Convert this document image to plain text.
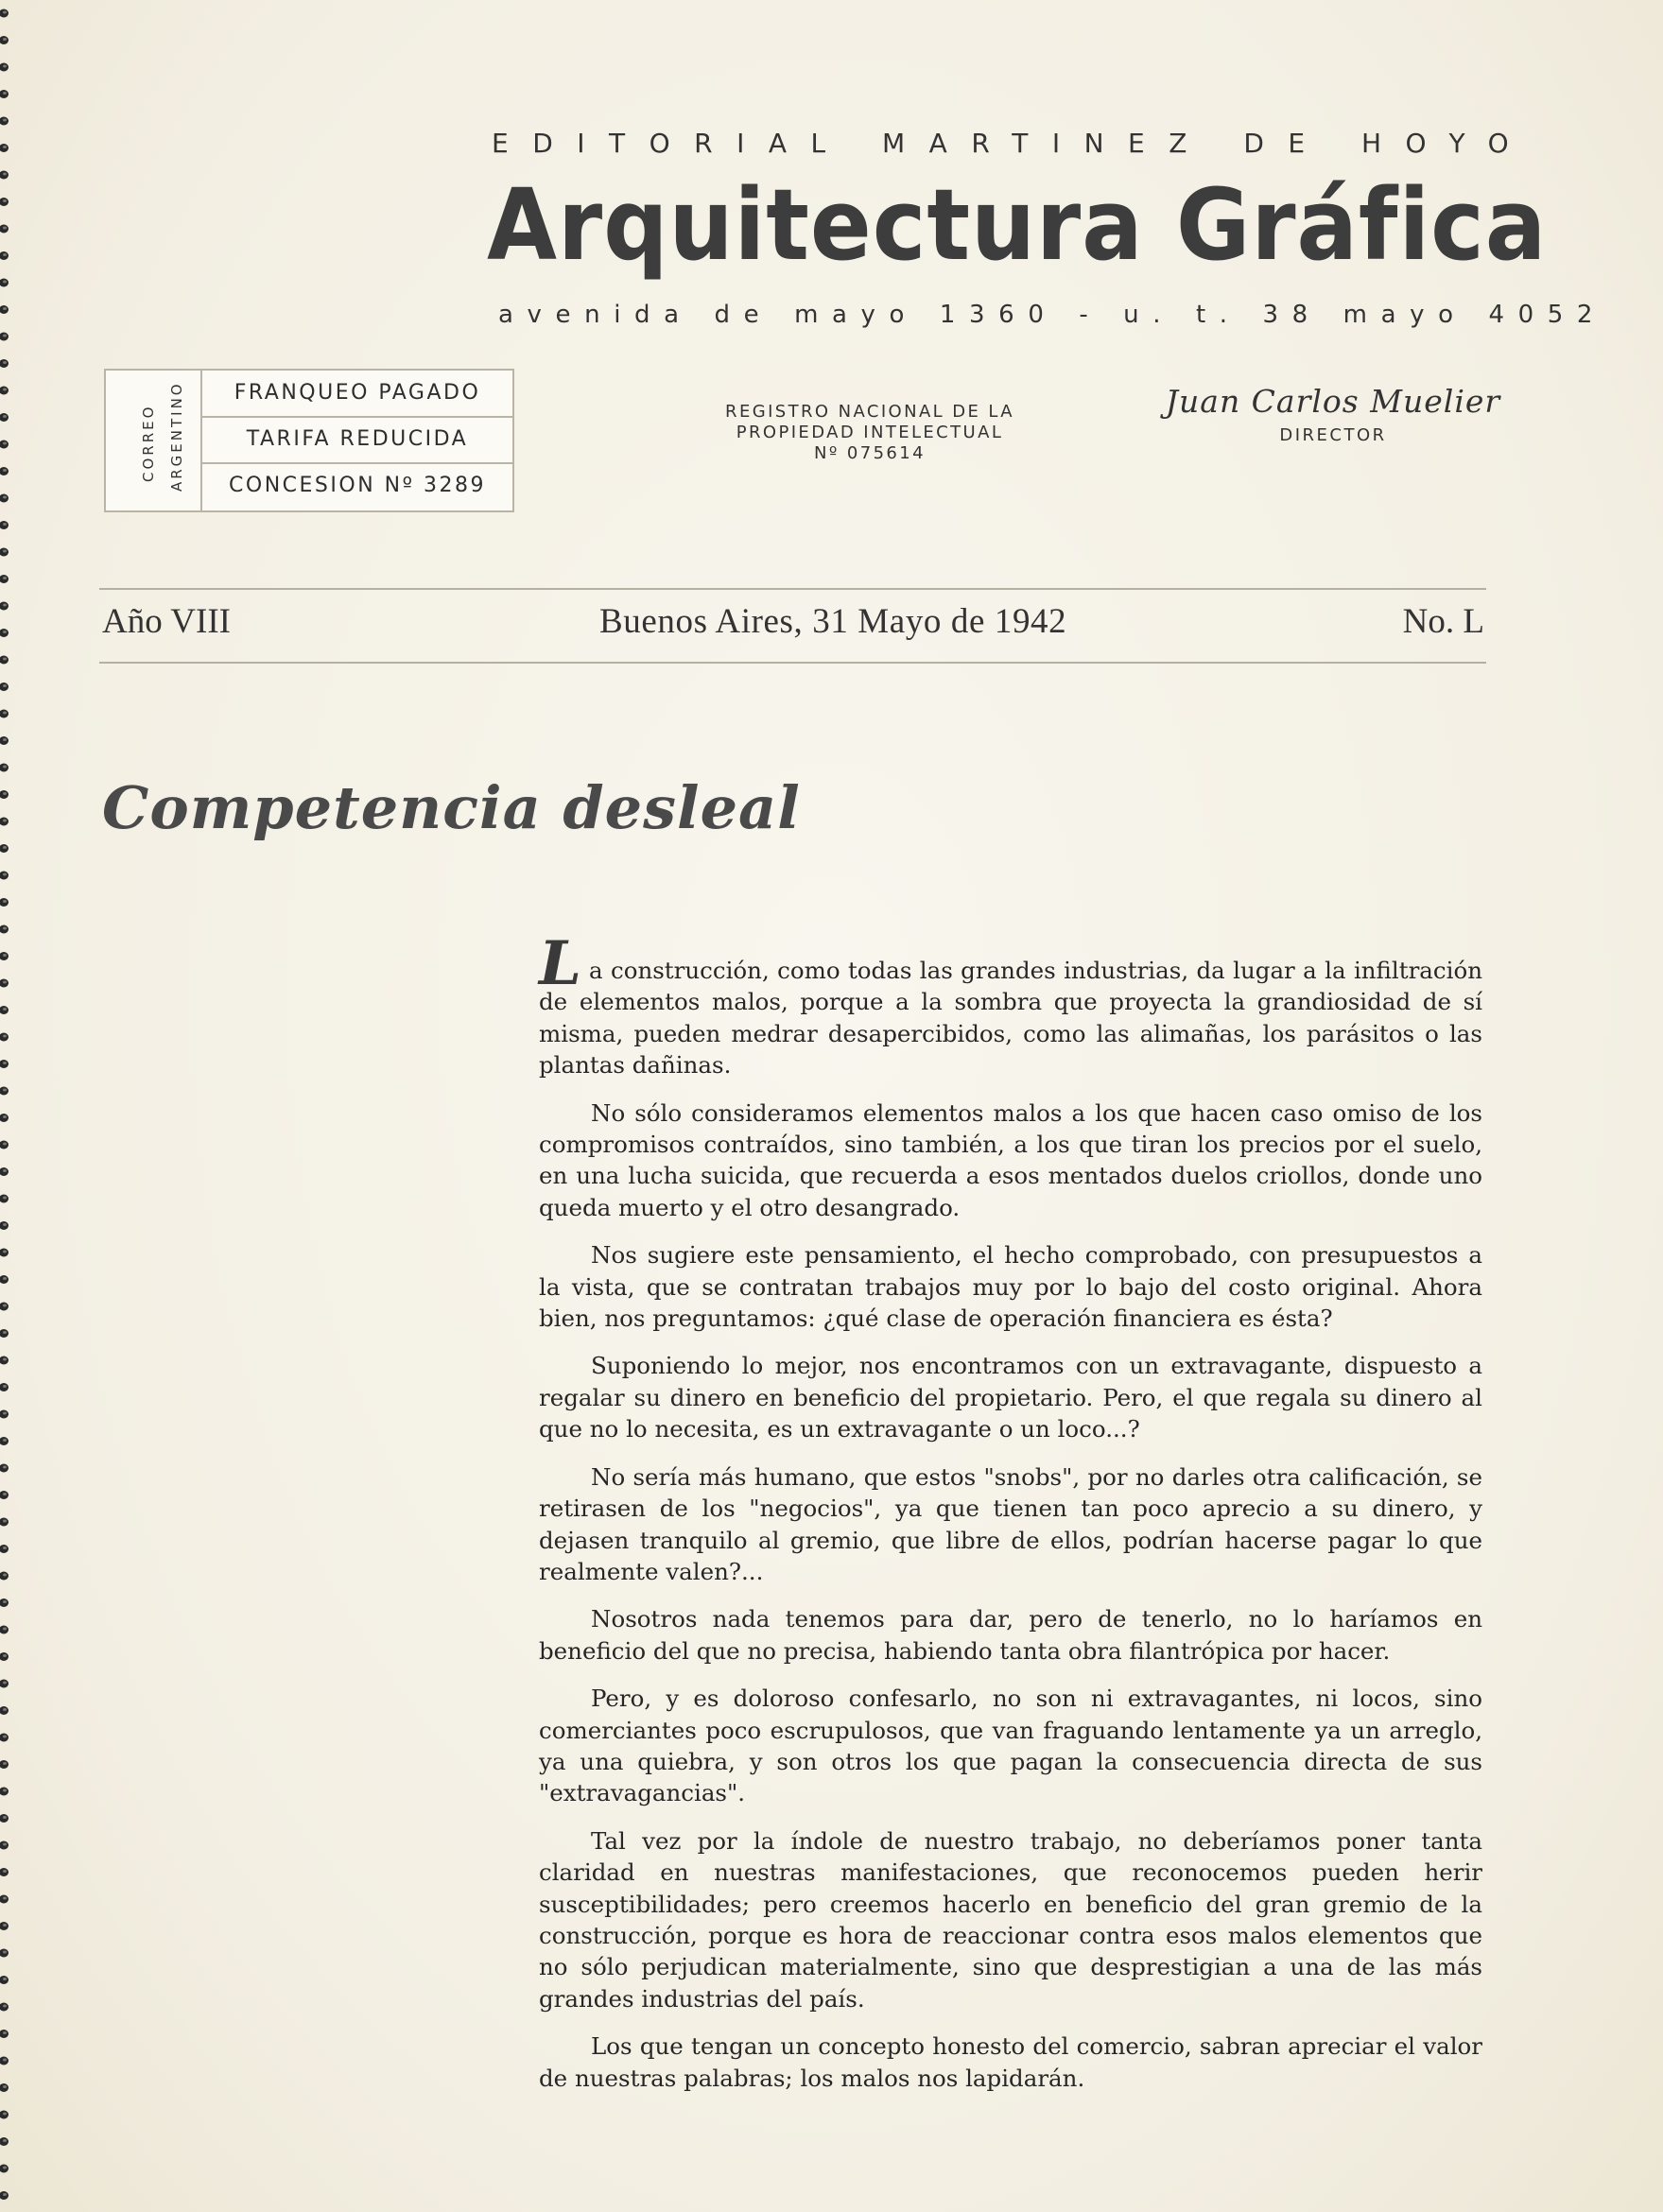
EDITORIAL MARTINEZ DE HOYO
Arquitectura Gráfica
avenida de mayo 1360 - u. t. 38 mayo 4052
CORREO ARGENTINO	FRANQUEO PAGADO
TARIFA REDUCIDA
CONCESION Nº 3289
REGISTRO NACIONAL DE LA
PROPIEDAD INTELECTUAL
Nº 075614
Juan Carlos Muelier
DIRECTOR
Año VIII	Buenos Aires, 31 Mayo de 1942	No. L
Competencia desleal

La construcción, como todas las grandes industrias, da lugar a la infiltración de elementos malos, porque a la sombra que proyecta la grandiosidad de sí misma, pueden medrar desapercibidos, como las alimañas, los parásitos o las plantas dañinas.

No sólo consideramos elementos malos a los que hacen caso omiso de los compromisos contraídos, sino también, a los que tiran los precios por el suelo, en una lucha suicida, que recuerda a esos mentados duelos criollos, donde uno queda muerto y el otro desangrado.

Nos sugiere este pensamiento, el hecho comprobado, con presupuestos a la vista, que se contratan trabajos muy por lo bajo del costo original. Ahora bien, nos preguntamos: ¿qué clase de operación financiera es ésta?

Suponiendo lo mejor, nos encontramos con un extravagante, dispuesto a regalar su dinero en beneficio del propietario. Pero, el que regala su dinero al que no lo necesita, es un extravagante o un loco...?

No sería más humano, que estos "snobs", por no darles otra calificación, se retirasen de los "negocios", ya que tienen tan poco aprecio a su dinero, y dejasen tranquilo al gremio, que libre de ellos, podrían hacerse pagar lo que realmente valen?...

Nosotros nada tenemos para dar, pero de tenerlo, no lo haríamos en beneficio del que no precisa, habiendo tanta obra filantrópica por hacer.

Pero, y es doloroso confesarlo, no son ni extravagantes, ni locos, sino comerciantes poco escrupulosos, que van fraguando lentamente ya un arreglo, ya una quiebra, y son otros los que pagan la consecuencia directa de sus "extravagancias".

Tal vez por la índole de nuestro trabajo, no deberíamos poner tanta claridad en nuestras manifestaciones, que reconocemos pueden herir susceptibilidades; pero creemos hacerlo en beneficio del gran gremio de la construcción, porque es hora de reaccionar contra esos malos elementos que no sólo perjudican materialmente, sino que desprestigian a una de las más grandes industrias del país.

Los que tengan un concepto honesto del comercio, sabran apreciar el valor de nuestras palabras; los malos nos lapidarán.
